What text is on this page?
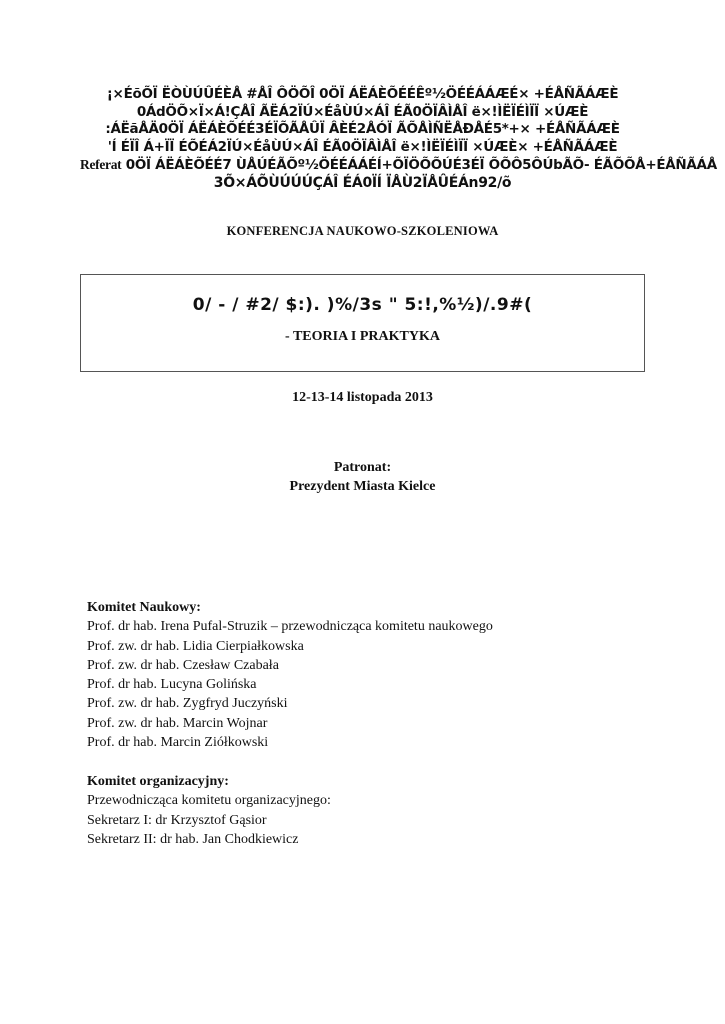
¡×ÉõÕÏ ËÒÙÚÛÉÈÅ #ÅÎ ÔÖÕÎ 0ÖÏ ÁËÁÈÕÉÉÊº½ÖÉÉÁÁÆÉ× +ÉÅÑÃÁÆÈ
0ÁdÖÕ×Ï×Á!ÇÅÎ ÃËÁ2ÏÚ×ÉåÙÚ×ÁÎ ÉÃ0ÖÏÂÌÅÎ ë×!ÌËÏÉÌÏÏ ×ÚÆÈ
:ÁËãÅÄ0ÖÏ ÁËÁÈÕÉÉ3ÉÏÕÃÅÛÏ ÂÈÉ2ÅÓÏ ÃÕÅÌÑËÅÐÅÉ5*+× +ÉÅÑÃÁÆÈ
'Í ÉÏÎ Á+ÏÏ ÉÕÉÁ2ÏÚ×ÉåÙÚ×ÁÎ ÉÃ0ÖÏÂÌÅÎ ë×!ÌËÏÉÌÏÏ ×ÚÆÈ× +ÉÅÑÃÁÆÈ
Referat 0ÖÏ ÁËÁÈÕÉÉ7 ÙÅÚÉÃÕº½ÖÉÉÁÁÉÍ+ÕÏÖÕÕÚÉ3ÉÏ ÕÕÔ5ÔÚbÃÕ- ÉÃÕÕÅ+ÉÅÑÃÁÅ
3Õ×ÁÕÙÚÚÚÇÁÎ ÉÁ0ÏÍ ÏÅÙ2ÏÅÛÉÁn92/õ
KONFERENCJA NAUKOWO-SZKOLENIOWA
0/ - / #2/ $:). )%/3s " 5:!,%½)/.9#(
- TEORIA I PRAKTYKA
12-13-14 listopada 2013
Patronat:
Prezydent Miasta Kielce
Komitet Naukowy:
Prof. dr hab. Irena Pufal-Struzik – przewodnicząca komitetu naukowego
Prof. zw. dr hab. Lidia Cierpiałkowska
Prof. zw. dr hab. Czesław Czabała
Prof. dr hab. Lucyna Golińska
Prof. zw. dr hab. Zygfryd Juczyński
Prof. zw. dr hab. Marcin Wojnar
Prof. dr hab. Marcin Ziółkowski
Komitet organizacyjny:
Przewodnicząca komitetu organizacyjnego:
Sekretarz I: dr Krzysztof Gąsior
Sekretarz II: dr hab. Jan Chodkiewicz
